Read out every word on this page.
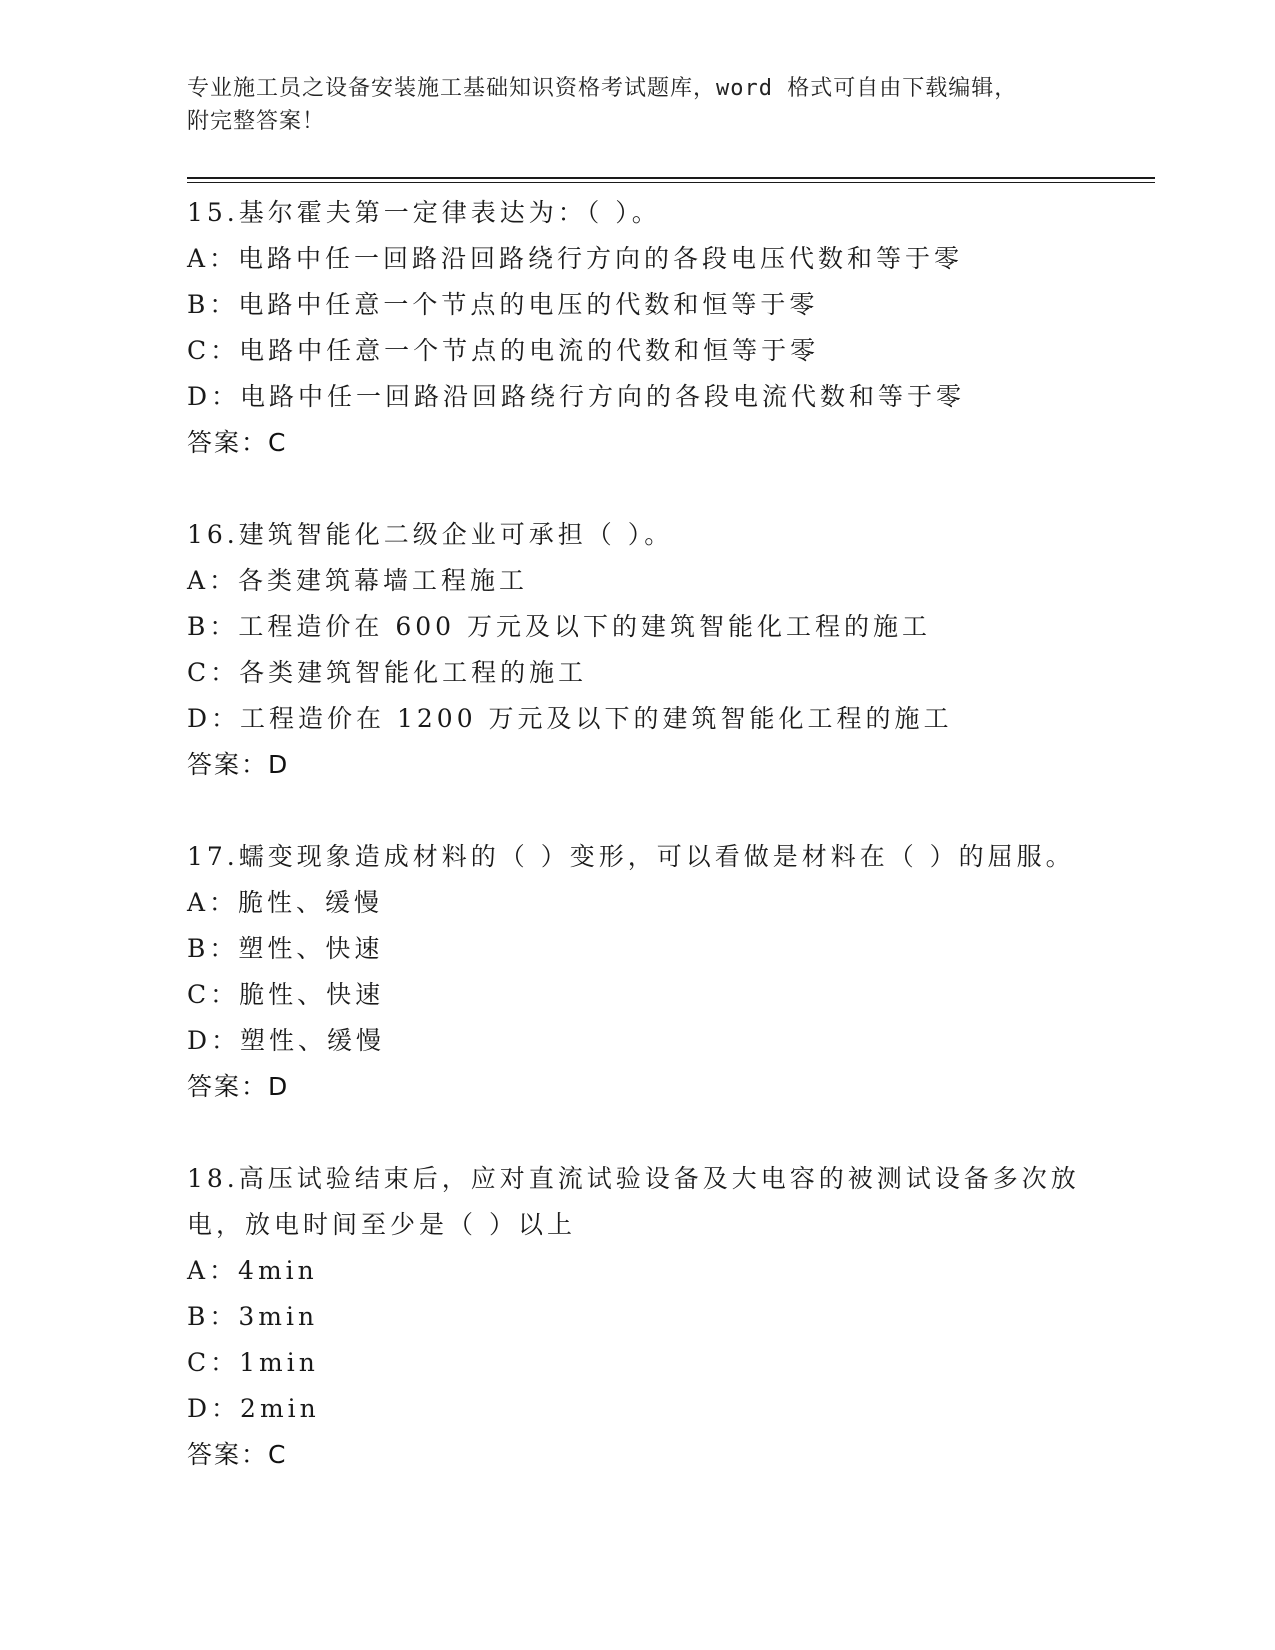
专业施工员之设备安装施工基础知识资格考试题库，word 格式可自由下载编辑，
附完整答案！
15.基尔霍夫第一定律表达为：（ ）。
A：电路中任一回路沿回路绕行方向的各段电压代数和等于零
B：电路中任意一个节点的电压的代数和恒等于零
C：电路中任意一个节点的电流的代数和恒等于零
D：电路中任一回路沿回路绕行方向的各段电流代数和等于零
答案：C
16.建筑智能化二级企业可承担（ ）。
A：各类建筑幕墙工程施工
B：工程造价在 600 万元及以下的建筑智能化工程的施工
C：各类建筑智能化工程的施工
D：工程造价在 1200 万元及以下的建筑智能化工程的施工
答案：D
17.蠕变现象造成材料的（ ）变形，可以看做是材料在（ ）的屈服。
A：脆性、缓慢
B：塑性、快速
C：脆性、快速
D：塑性、缓慢
答案：D
18.高压试验结束后，应对直流试验设备及大电容的被测试设备多次放电，放电时间至少是（ ）以上
A：4min
B：3min
C：1min
D：2min
答案：C
